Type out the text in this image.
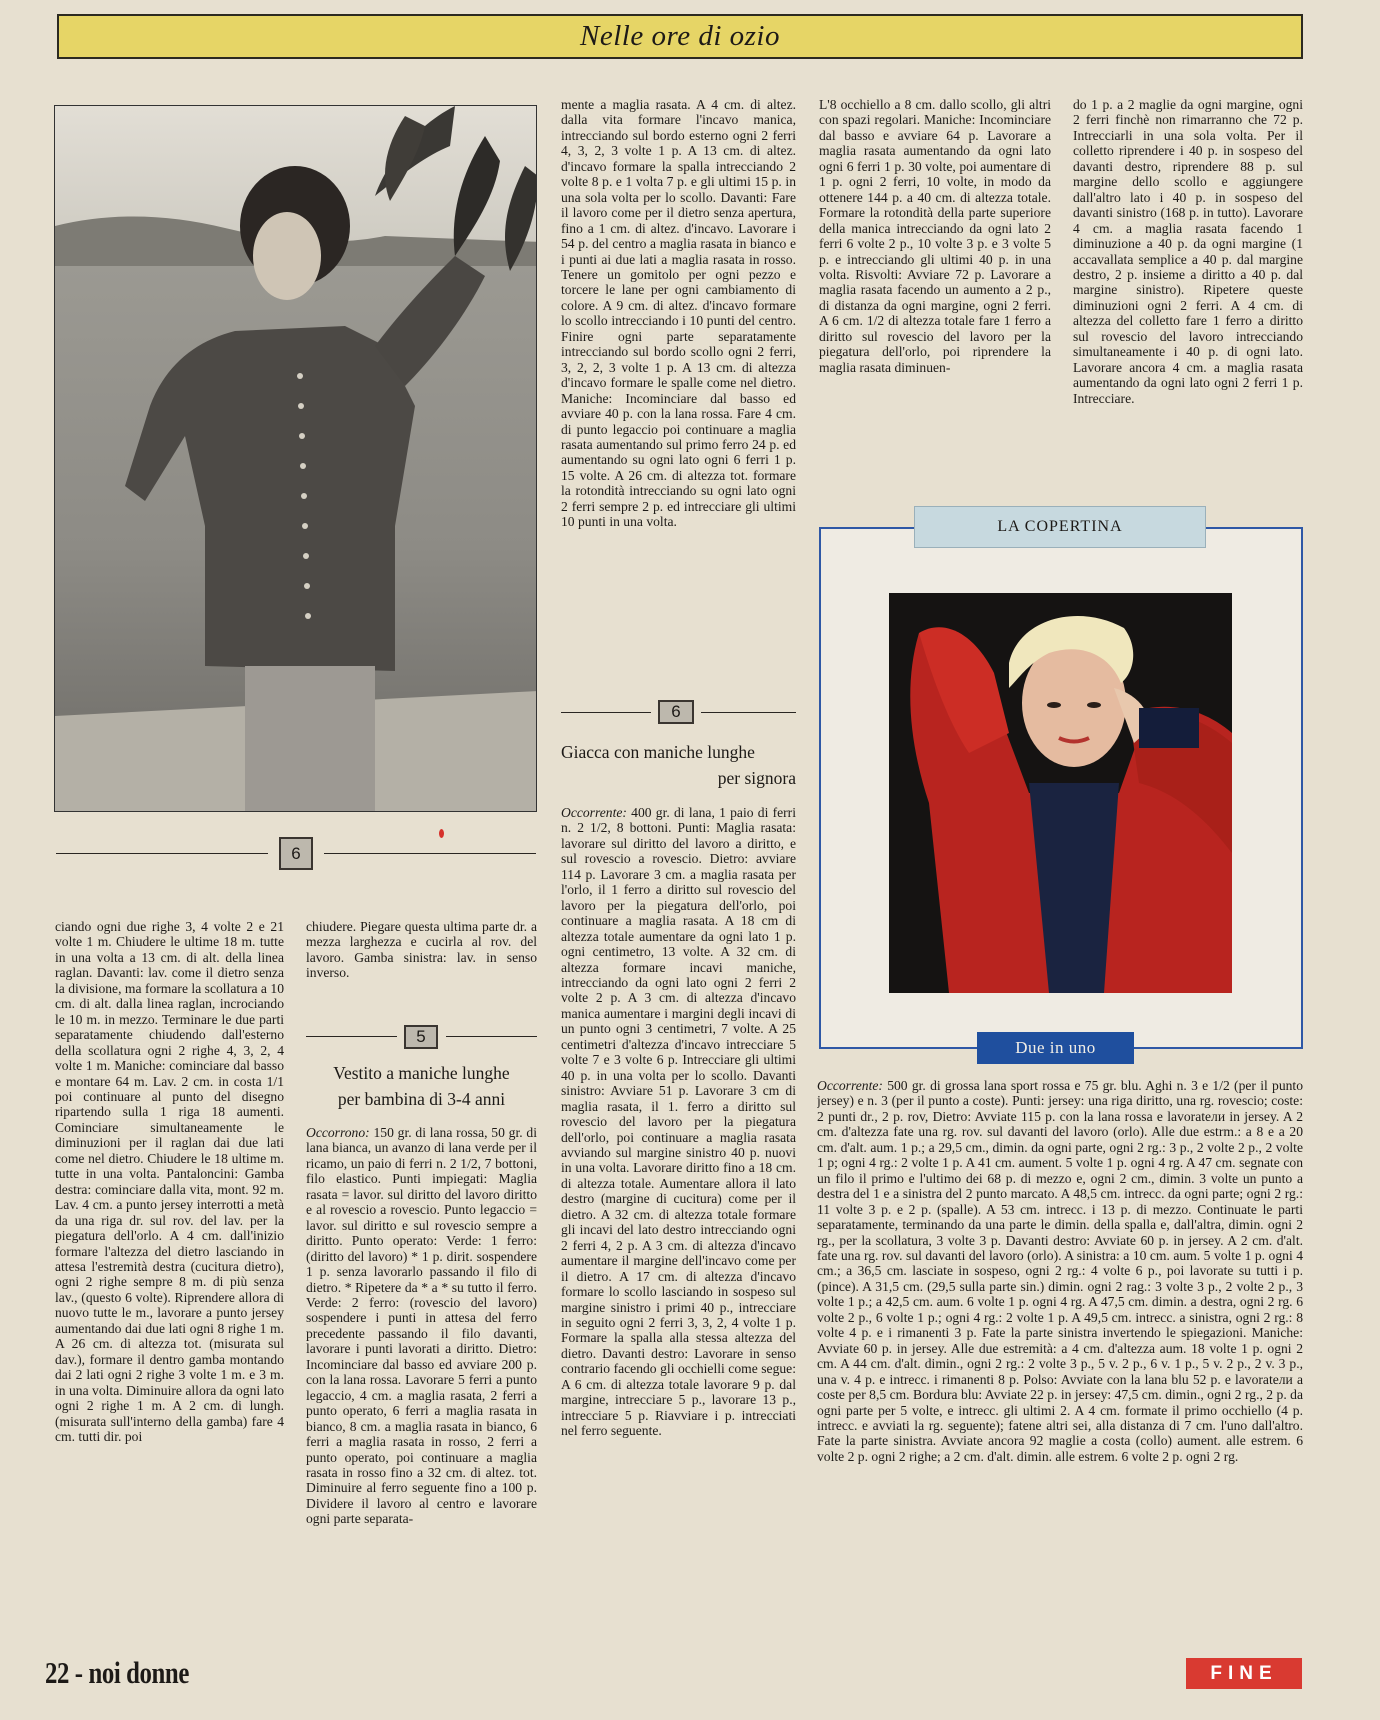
Nelle ore di ozio
6

ciando ogni due righe 3, 4 volte 2 e 21 volte 1 m. Chiudere le ultime 18 m. tutte in una volta a 13 cm. di alt. della linea raglan. Davanti: lav. come il dietro senza la divisione, ma formare la scollatura a 10 cm. di alt. dalla linea raglan, incrociando le 10 m. in mezzo. Terminare le due parti separatamente chiudendo dall'esterno della scollatura ogni 2 righe 4, 3, 2, 4 volte 1 m. Maniche: cominciare dal basso e montare 64 m. Lav. 2 cm. in costa 1/1 poi continuare al punto del disegno ripartendo sulla 1 riga 18 aumenti. Cominciare simultaneamente le diminuzioni per il raglan dai due lati come nel dietro. Chiudere le 18 ultime m. tutte in una volta. Pantaloncini: Gamba destra: cominciare dalla vita, mont. 92 m. Lav. 4 cm. a punto jersey interrotti a metà da una riga dr. sul rov. del lav. per la piegatura dell'orlo. A 4 cm. dall'inizio formare l'altezza del dietro lasciando in attesa l'estremità destra (cucitura dietro), ogni 2 righe sempre 8 m. di più senza lav., (questo 6 volte). Riprendere allora di nuovo tutte le m., lavorare a punto jersey aumentando dai due lati ogni 8 righe 1 m. A 26 cm. di altezza tot. (misurata sul dav.), formare il dentro gamba montando dai 2 lati ogni 2 righe 3 volte 1 m. e 3 m. in una volta. Diminuire allora da ogni lato ogni 2 righe 1 m. A 2 cm. di lungh. (misurata sull'interno della gamba) fare 4 cm. tutti dir. poi

chiudere. Piegare questa ultima parte dr. a mezza larghezza e cucirla al rov. del lavoro. Gamba sinistra: lav. in senso inverso.

5
Vestito a maniche lunghe
per bambina di 3-4 anni

Occorrono: 150 gr. di lana rossa, 50 gr. di lana bianca, un avanzo di lana verde per il ricamo, un paio di ferri n. 2 1/2, 7 bottoni, filo elastico. Punti impiegati: Maglia rasata = lavor. sul diritto del lavoro diritto e al rovescio a rovescio. Punto legaccio = lavor. sul diritto e sul rovescio sempre a diritto. Punto operato: Verde: 1 ferro: (diritto del lavoro) * 1 p. dirit. sospendere 1 p. senza lavorarlo passando il filo di dietro. * Ripetere da * a * su tutto il ferro. Verde: 2 ferro: (rovescio del lavoro) sospendere i punti in attesa del ferro precedente passando il filo davanti, lavorare i punti lavorati a diritto. Dietro: Incominciare dal basso ed avviare 200 p. con la lana rossa. Lavorare 5 ferri a punto legaccio, 4 cm. a maglia rasata, 2 ferri a punto operato, 6 ferri a maglia rasata in bianco, 8 cm. a maglia rasata in bianco, 6 ferri a maglia rasata in rosso, 2 ferri a punto operato, poi continuare a maglia rasata in rosso fino a 32 cm. di altez. tot. Diminuire al ferro seguente fino a 100 p. Dividere il lavoro al centro e lavorare ogni parte separata-

mente a maglia rasata. A 4 cm. di altez. dalla vita formare l'incavo manica, intrecciando sul bordo esterno ogni 2 ferri 4, 3, 2, 3 volte 1 p. A 13 cm. di altez. d'incavo formare la spalla intrecciando 2 volte 8 p. e 1 volta 7 p. e gli ultimi 15 p. in una sola volta per lo scollo. Davanti: Fare il lavoro come per il dietro senza apertura, fino a 1 cm. di altez. d'incavo. Lavorare i 54 p. del centro a maglia rasata in bianco e i punti ai due lati a maglia rasata in rosso. Tenere un gomitolo per ogni pezzo e torcere le lane per ogni cambiamento di colore. A 9 cm. di altez. d'incavo formare lo scollo intrecciando i 10 punti del centro. Finire ogni parte separatamente intrecciando sul bordo scollo ogni 2 ferri, 3, 2, 2, 3 volte 1 p. A 13 cm. di altezza d'incavo formare le spalle come nel dietro. Maniche: Incominciare dal basso ed avviare 40 p. con la lana rossa. Fare 4 cm. di punto legaccio poi continuare a maglia rasata aumentando sul primo ferro 24 p. ed aumentando su ogni lato ogni 6 ferri 1 p. 15 volte. A 26 cm. di altezza tot. formare la rotondità intrecciando su ogni lato ogni 2 ferri sempre 2 p. ed intrecciare gli ultimi 10 punti in una volta.

6
Giacca con maniche lunghe
per signora

Occorrente: 400 gr. di lana, 1 paio di ferri n. 2 1/2, 8 bottoni. Punti: Maglia rasata: lavorare sul diritto del lavoro a diritto, e sul rovescio a rovescio. Dietro: avviare 114 p. Lavorare 3 cm. a maglia rasata per l'orlo, il 1 ferro a diritto sul rovescio del lavoro per la piegatura dell'orlo, poi continuare a maglia rasata. A 18 cm di altezza totale aumentare da ogni lato 1 p. ogni centimetro, 13 volte. A 32 cm. di altezza formare incavi maniche, intrecciando da ogni lato ogni 2 ferri 2 volte 2 p. A 3 cm. di altezza d'incavo manica aumentare i margini degli incavi di un punto ogni 3 centimetri, 7 volte. A 25 centimetri d'altezza d'incavo intrecciare 5 volte 7 e 3 volte 6 p. Intrecciare gli ultimi 40 p. in una volta per lo scollo. Davanti sinistro: Avviare 51 p. Lavorare 3 cm di maglia rasata, il 1. ferro a diritto sul rovescio del lavoro per la piegatura dell'orlo, poi continuare a maglia rasata avviando sul margine sinistro 40 p. nuovi in una volta. Lavorare diritto fino a 18 cm. di altezza totale. Aumentare allora il lato destro (margine di cucitura) come per il dietro. A 32 cm. di altezza totale formare gli incavi del lato destro intrecciando ogni 2 ferri 4, 2 p. A 3 cm. di altezza d'incavo aumentare il margine dell'incavo come per il dietro. A 17 cm. di altezza d'incavo formare lo scollo lasciando in sospeso sul margine sinistro i primi 40 p., intrecciare in seguito ogni 2 ferri 3, 3, 2, 4 volte 1 p. Formare la spalla alla stessa altezza del dietro. Davanti destro: Lavorare in senso contrario facendo gli occhielli come segue: A 6 cm. di altezza totale lavorare 9 p. dal margine, intrecciare 5 p., lavorare 13 p., intrecciare 5 p. Riavviare i p. intrecciati nel ferro seguente.

L'8 occhiello a 8 cm. dallo scollo, gli altri con spazi regolari. Maniche: Incominciare dal basso e avviare 64 p. Lavorare a maglia rasata aumentando da ogni lato ogni 6 ferri 1 p. 30 volte, poi aumentare di 1 p. ogni 2 ferri, 10 volte, in modo da ottenere 144 p. a 40 cm. di altezza totale. Formare la rotondità della parte superiore della manica intrecciando da ogni lato 2 ferri 6 volte 2 p., 10 volte 3 p. e 3 volte 5 p. e intrecciando gli ultimi 40 p. in una volta. Risvolti: Avviare 72 p. Lavorare a maglia rasata facendo un aumento a 2 p., di distanza da ogni margine, ogni 2 ferri. A 6 cm. 1/2 di altezza totale fare 1 ferro a diritto sul rovescio del lavoro per la piegatura dell'orlo, poi riprendere la maglia rasata diminuen-

do 1 p. a 2 maglie da ogni margine, ogni 2 ferri finchè non rimarranno che 72 p. Intrecciarli in una sola volta. Per il colletto riprendere i 40 p. in sospeso del davanti destro, riprendere 88 p. sul margine dello scollo e aggiungere dall'altro lato i 40 p. in sospeso del davanti sinistro (168 p. in tutto). Lavorare 4 cm. a maglia rasata facendo 1 diminuzione a 40 p. da ogni margine (1 accavallata semplice a 40 p. dal margine destro, 2 p. insieme a diritto a 40 p. dal margine sinistro). Ripetere queste diminuzioni ogni 2 ferri. A 4 cm. di altezza del colletto fare 1 ferro a diritto sul rovescio del lavoro intrecciando simultaneamente i 40 p. di ogni lato. Lavorare ancora 4 cm. a maglia rasata aumentando da ogni lato ogni 2 ferri 1 p. Intrecciare.

LA COPERTINA
Due in uno

Occorrente: 500 gr. di grossa lana sport rossa e 75 gr. blu. Aghi n. 3 e 1/2 (per il punto jersey) e n. 3 (per il punto a coste). Punti: jersey: una riga diritto, una rg. rovescio; coste: 2 punti dr., 2 p. rov, Dietro: Avviate 115 p. con la lana rossa e lavoratели in jersey. A 2 cm. d'altezza fate una rg. rov. sul davanti del lavoro (orlo). Alle due estrm.: a 8 e a 20 cm. d'alt. aum. 1 p.; a 29,5 cm., dimin. da ogni parte, ogni 2 rg.: 3 p., 2 volte 2 p., 2 volte 1 p; ogni 4 rg.: 2 volte 1 p. A 41 cm. aument. 5 volte 1 p. ogni 4 rg. A 47 cm. segnate con un filo il primo e l'ultimo dei 68 p. di mezzo e, ogni 2 cm., dimin. 3 volte un punto a destra del 1 e a sinistra del 2 punto marcato. A 48,5 cm. intrecc. da ogni parte; ogni 2 rg.: 11 volte 3 p. e 2 p. (spalle). A 53 cm. intrecc. i 13 p. di mezzo. Continuate le parti separatamente, terminando da una parte le dimin. della spalla e, dall'altra, dimin. ogni 2 rg., per la scollatura, 3 volte 3 p. Davanti destro: Avviate 60 p. in jersey. A 2 cm. d'alt. fate una rg. rov. sul davanti del lavoro (orlo). A sinistra: a 10 cm. aum. 5 volte 1 p. ogni 4 cm.; a 36,5 cm. lasciate in sospeso, ogni 2 rg.: 4 volte 6 p., poi lavorate su tutti i p. (pince). A 31,5 cm. (29,5 sulla parte sin.) dimin. ogni 2 rag.: 3 volte 3 p., 2 volte 2 p., 3 volte 1 p.; a 42,5 cm. aum. 6 volte 1 p. ogni 4 rg. A 47,5 cm. dimin. a destra, ogni 2 rg. 6 volte 2 p., 6 volte 1 p.; ogni 4 rg.: 2 volte 1 p. A 49,5 cm. intrecc. a sinistra, ogni 2 rg.: 8 volte 4 p. e i rimanenti 3 p. Fate la parte sinistra invertendo le spiegazioni. Maniche: Avviate 60 p. in jersey. Alle due estremità: a 4 cm. d'altezza aum. 18 volte 1 p. ogni 2 cm. A 44 cm. d'alt. dimin., ogni 2 rg.: 2 volte 3 p., 5 v. 2 p., 6 v. 1 p., 5 v. 2 p., 2 v. 3 p., una v. 4 p. e intrecc. i rimanenti 8 p. Polso: Avviate con la lana blu 52 p. e lavoratели a coste per 8,5 cm. Bordura blu: Avviate 22 p. in jersey: 47,5 cm. dimin., ogni 2 rg., 2 p. da ogni parte per 5 volte, e intrecc. gli ultimi 2. A 4 cm. formate il primo occhiello (4 p. intrecc. e avviati la rg. seguente); fatene altri sei, alla distanza di 7 cm. l'uno dall'altro. Fate la parte sinistra. Avviate ancora 92 maglie a costa (collo) aument. alle estrem. 6 volte 2 p. ogni 2 righe; a 2 cm. d'alt. dimin. alle estrem. 6 volte 2 p. ogni 2 rg.

22 - noi donne	FINE
